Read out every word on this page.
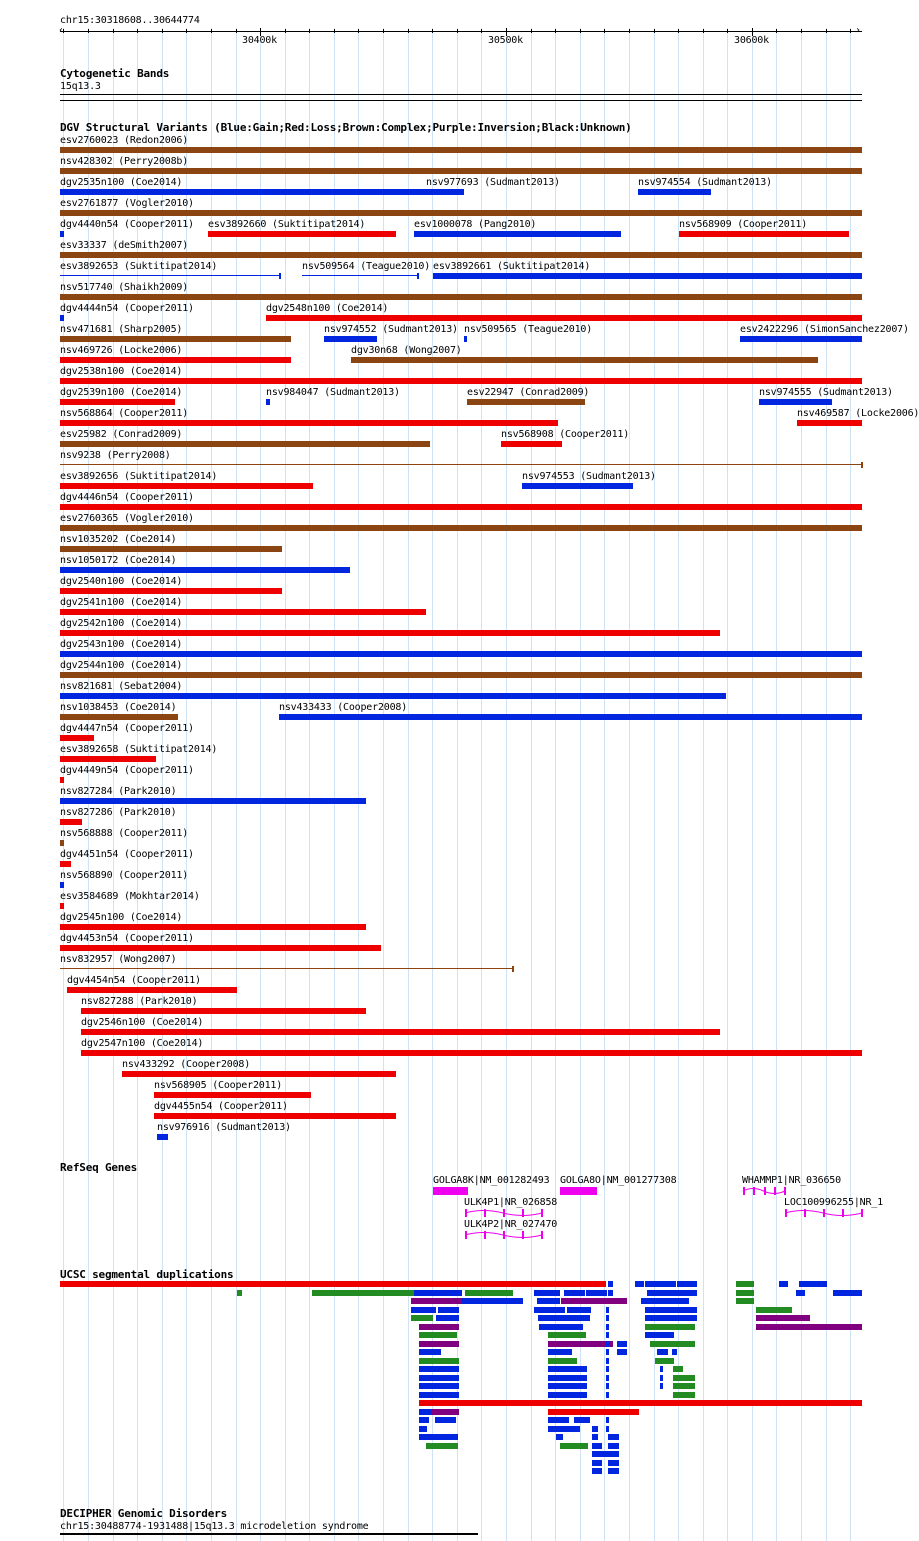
chr15:30318608..30644774
‹	›
30400k	30500k	30600k
Cytogenetic Bands
15q13.3
DGV Structural Variants (Blue:Gain;Red:Loss;Brown:Complex;Purple:Inversion;Black:Unknown)
esv2760023 (Redon2006)
nsv428302 (Perry2008b)
dgv2535n100 (Coe2014)	nsv977693 (Sudmant2013)	nsv974554 (Sudmant2013)
esv2761877 (Vogler2010)
dgv4440n54 (Cooper2011) esv3892660 (Suktitipat2014)	esv1000078 (Pang2010)	nsv568909 (Cooper2011)
esv33337 (deSmith2007)
esv3892653 (Suktitipat2014)	nsv509564 (Teague2010) esv3892661 (Suktitipat2014)
nsv517740 (Shaikh2009)
dgv4444n54 (Cooper2011)	dgv2548n100 (Coe2014)
nsv471681 (Sharp2005)	nsv974552 (Sudmant2013) nsv509565 (Teague2010)	esv2422296 (SimonSanchez2007)
nsv469726 (Locke2006)	dgv30n68 (Wong2007)
dgv2538n100 (Coe2014)
dgv2539n100 (Coe2014)	nsv984047 (Sudmant2013)	esv22947 (Conrad2009)	nsv974555 (Sudmant2013)
nsv568864 (Cooper2011)	nsv469587 (Locke2006)
esv25982 (Conrad2009)	nsv568908 (Cooper2011)
nsv9238 (Perry2008)
esv3892656 (Suktitipat2014)	nsv974553 (Sudmant2013)
dgv4446n54 (Cooper2011)
esv2760365 (Vogler2010)
nsv1035202 (Coe2014)
nsv1050172 (Coe2014)
dgv2540n100 (Coe2014)
dgv2541n100 (Coe2014)
dgv2542n100 (Coe2014)
dgv2543n100 (Coe2014)
dgv2544n100 (Coe2014)
nsv821681 (Sebat2004)
nsv1038453 (Coe2014)	nsv433433 (Cooper2008)
dgv4447n54 (Cooper2011)
esv3892658 (Suktitipat2014)
dgv4449n54 (Cooper2011)
nsv827284 (Park2010)
nsv827286 (Park2010)
nsv568888 (Cooper2011)
dgv4451n54 (Cooper2011)
nsv568890 (Cooper2011)
esv3584689 (Mokhtar2014)
dgv2545n100 (Coe2014)
dgv4453n54 (Cooper2011)
nsv832957 (Wong2007)
dgv4454n54 (Cooper2011)
nsv827288 (Park2010)
dgv2546n100 (Coe2014)
dgv2547n100 (Coe2014)
nsv433292 (Cooper2008)
nsv568905 (Cooper2011)
dgv4455n54 (Cooper2011)
nsv976916 (Sudmant2013)
RefSeq Genes
GOLGA8K|NM_001282493 GOLGA8O|NM_001277308	WHAMMP1|NR_036650
ULK4P1|NR_026858	LOC100996255|NR_1
ULK4P2|NR_027470
UCSC segmental duplications
DECIPHER Genomic Disorders
chr15:30488774-1931488|15q13.3 microdeletion syndrome
